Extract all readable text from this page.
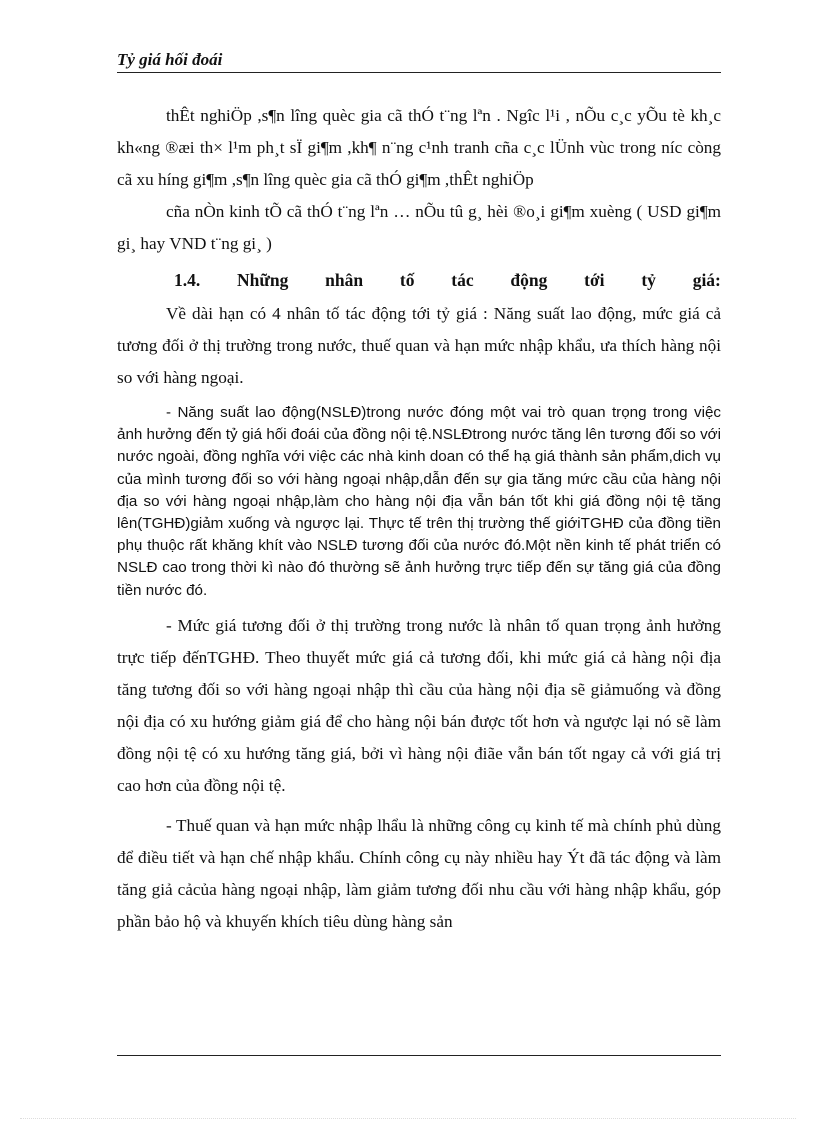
Tỷ giá hối đoái

thÊt nghiÖp ,s¶n lîng quèc gia cã thÓ t¨ng lªn . Ngîc l¹i , nÕu c¸c yÕu tè kh¸c kh«ng ®æi th× l¹m ph¸t sÏ gi¶m ,kh¶ n¨ng c¹nh tranh cña c¸c lÜnh vùc trong níc còng cã xu híng gi¶m ,s¶n lîng quèc gia cã thÓ gi¶m ,thÊt nghiÖp

cña nÒn kinh tÕ cã thÓ t¨ng lªn … nÕu tû g¸ hèi ®o¸i gi¶m xuèng ( USD gi¶m gi¸ hay VND t¨ng gi¸ )

1.4. Những nhân tố tác động tới tỷ giá:

Về dài hạn có 4 nhân tố tác động tới tỷ giá : Năng suất lao động, mức giá cả tương đối ở thị trường trong nước, thuế quan và hạn mức nhập khẩu, ưa thích hàng nội so với hàng ngoại.

- Năng suất lao động(NSLĐ)trong nước đóng một vai trò quan trọng trong việc ảnh hưởng đến tỷ giá hối đoái của đồng nội tệ.NSLĐtrong nước tăng lên tương đối so với nước ngoài, đồng nghĩa với việc các nhà kinh doan có thể hạ giá thành sản phẩm,dich vụ của mình tương đối so với hàng ngoại nhập,dẫn đến sự gia tăng mức cầu của hàng nội địa so với hàng ngoại nhập,làm cho hàng nội địa vẫn bán tốt khi giá đồng nội tệ tăng lên(TGHĐ)giảm xuống và ngược lại. Thực tế trên thị trường thế giớiTGHĐ của đồng tiền phụ thuộc rất khăng khít vào NSLĐ tương đối của nước đó.Một nền kinh tế phát triển có NSLĐ cao trong thời kì nào đó thường sẽ ảnh hưởng trực tiếp đến sự tăng giá của đồng tiền nước đó.

- Mức giá tương đối ở thị trường trong nước là nhân tố quan trọng ảnh hưởng trực tiếp đếnTGHĐ. Theo thuyết mức giá cả tương đối, khi mức giá cả hàng nội địa tăng tương đối so với hàng ngoại nhập thì cầu của hàng nội địa sẽ giảmuống và đồng nội địa có xu hướng giảm giá để cho hàng nội bán được tốt hơn và ngược lại nó sẽ làm đồng nội tệ có xu hướng tăng giá, bởi vì hàng nội điãe vẫn bán tốt ngay cả với giá trị cao hơn của đồng nội tệ.

- Thuế quan và hạn mức nhập lhẩu là những công cụ kinh tế mà chính phủ dùng để điều tiết và hạn chế nhập khẩu. Chính công cụ này nhiều hay Ýt đã tác động và làm tăng giả cảcủa hàng ngoại nhập, làm giảm tương đối nhu cầu với hàng nhập khẩu, góp phần bảo hộ và khuyến khích tiêu dùng hàng sản
